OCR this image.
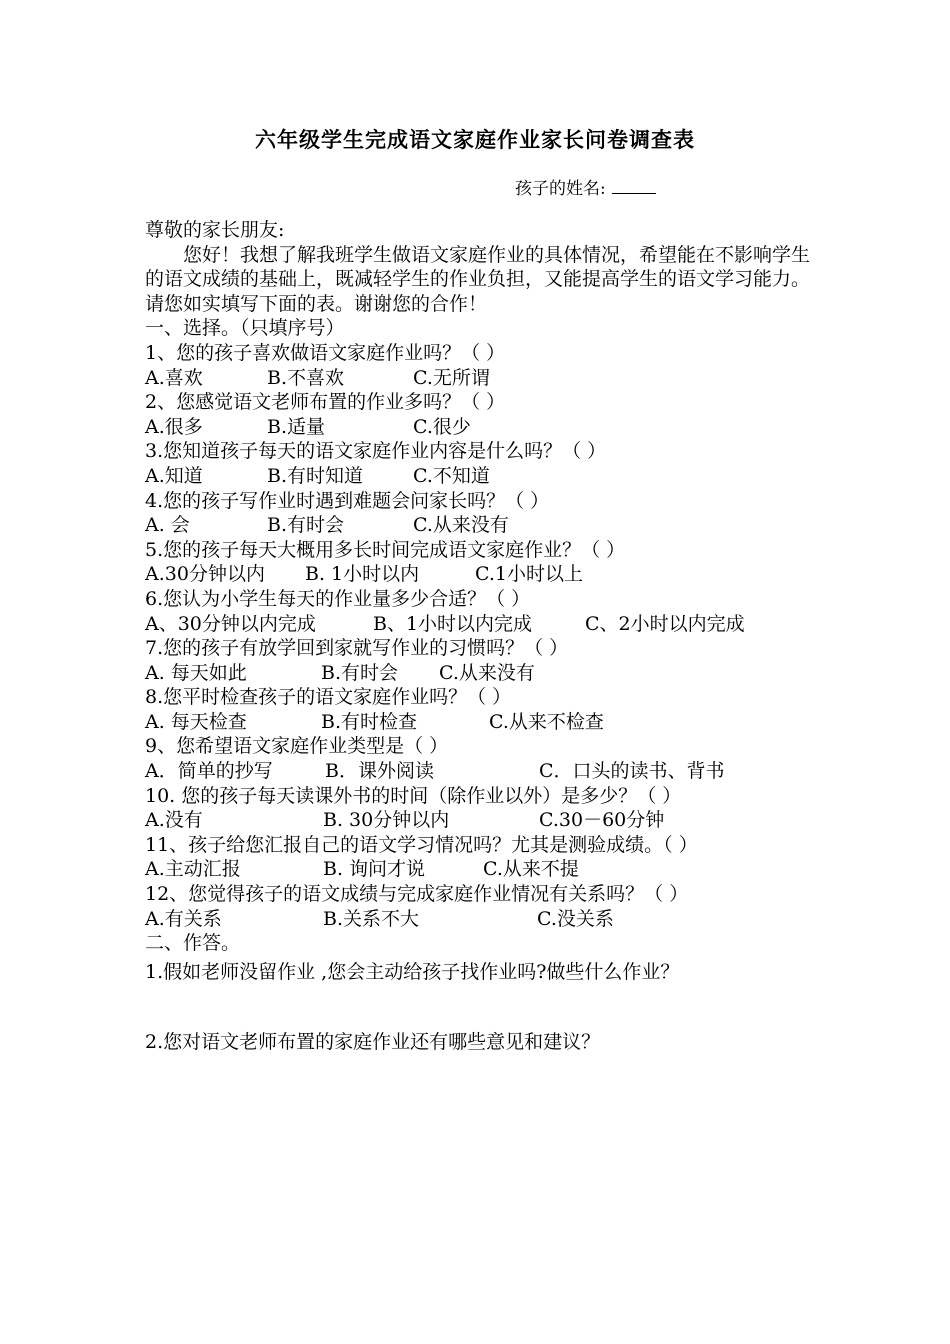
六年级学生完成语文家庭作业家长问卷调查表
孩子的姓名:
尊敬的家长朋友:
您好！我想了解我班学生做语文家庭作业的具体情况，希望能在不影响学生的语文成绩的基础上，既减轻学生的作业负担，又能提高学生的语文学习能力。请您如实填写下面的表。谢谢您的合作！
一、选择。（只填序号）
1、您的孩子喜欢做语文家庭作业吗？（ ）
A.喜欢	B.不喜欢	C.无所谓
2、您感觉语文老师布置的作业多吗？（ ）
A.很多	B.适量	C.很少
3.您知道孩子每天的语文家庭作业内容是什么吗？（ ）
A.知道	B.有时知道	C.不知道
4.您的孩子写作业时遇到难题会问家长吗？（ ）
A. 会	B.有时会	C.从来没有
5.您的孩子每天大概用多长时间完成语文家庭作业？（ ）
A.30分钟以内	B. 1小时以内	C.1小时以上
6.您认为小学生每天的作业量多少合适？（ ）
A、30分钟以内完成	B、1小时以内完成	C、2小时以内完成
7.您的孩子有放学回到家就写作业的习惯吗？（ ）
A. 每天如此	B.有时会	C.从来没有
8.您平时检查孩子的语文家庭作业吗？（ ）
A. 每天检查	B.有时检查	C.从来不检查
9、您希望语文家庭作业类型是（ ）
A．简单的抄写	B．课外阅读	C．口头的读书、背书
10. 您的孩子每天读课外书的时间（除作业以外）是多少？（ ）
A.没有	B. 30分钟以内	C.30－60分钟
11、孩子给您汇报自己的语文学习情况吗？尤其是测验成绩。（ ）
A.主动汇报	B. 询问才说	C.从来不提
12、您觉得孩子的语文成绩与完成家庭作业情况有关系吗？（ ）
A.有关系	B.关系不大	C.没关系
二、作答。
1.假如老师没留作业 ,您会主动给孩子找作业吗?做些什么作业？
2.您对语文老师布置的家庭作业还有哪些意见和建议？
